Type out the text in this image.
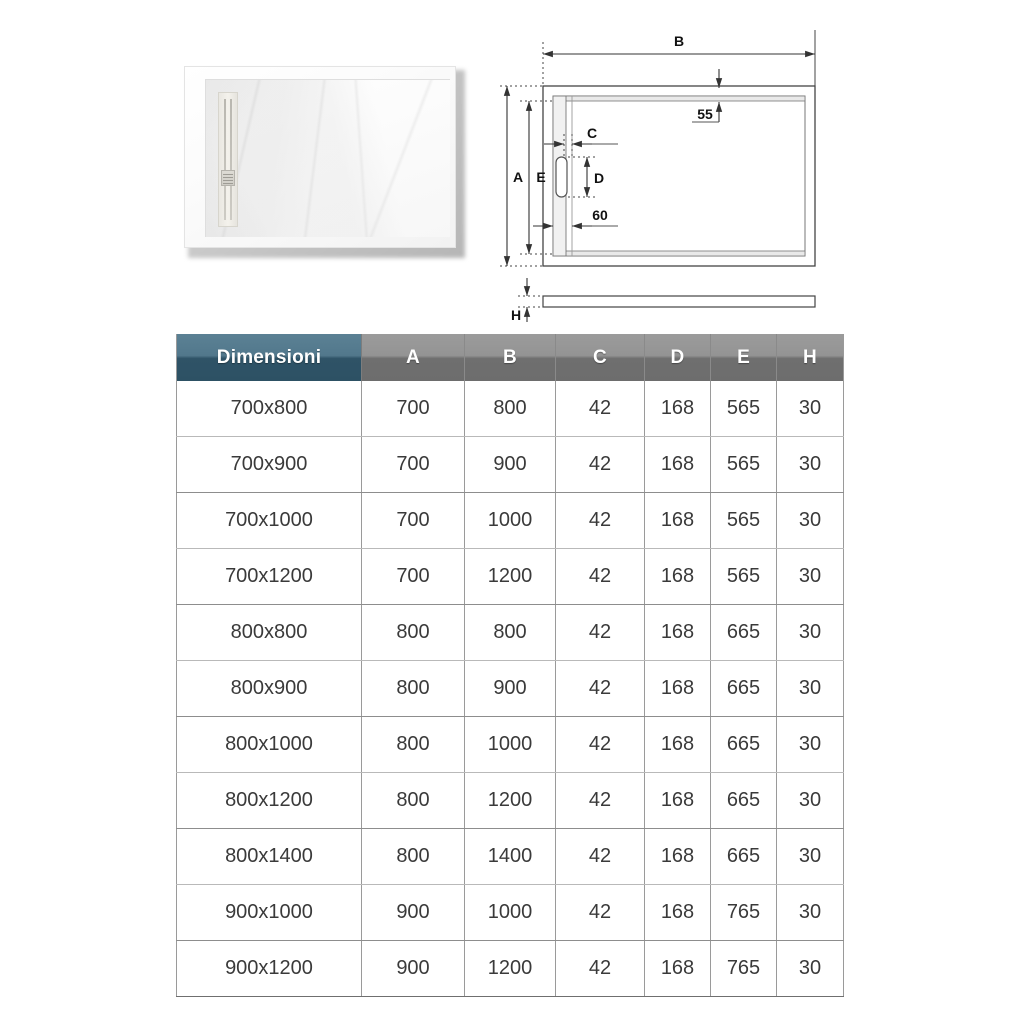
B
55
A E
C
D
60
H
Dimensioni	A	B	C	D	E	H
700x800	700	800	42	168	565	30
700x900	700	900	42	168	565	30
700x1000	700	1000	42	168	565	30
700x1200	700	1200	42	168	565	30
800x800	800	800	42	168	665	30
800x900	800	900	42	168	665	30
800x1000	800	1000	42	168	665	30
800x1200	800	1200	42	168	665	30
800x1400	800	1400	42	168	665	30
900x1000	900	1000	42	168	765	30
900x1200	900	1200	42	168	765	30
